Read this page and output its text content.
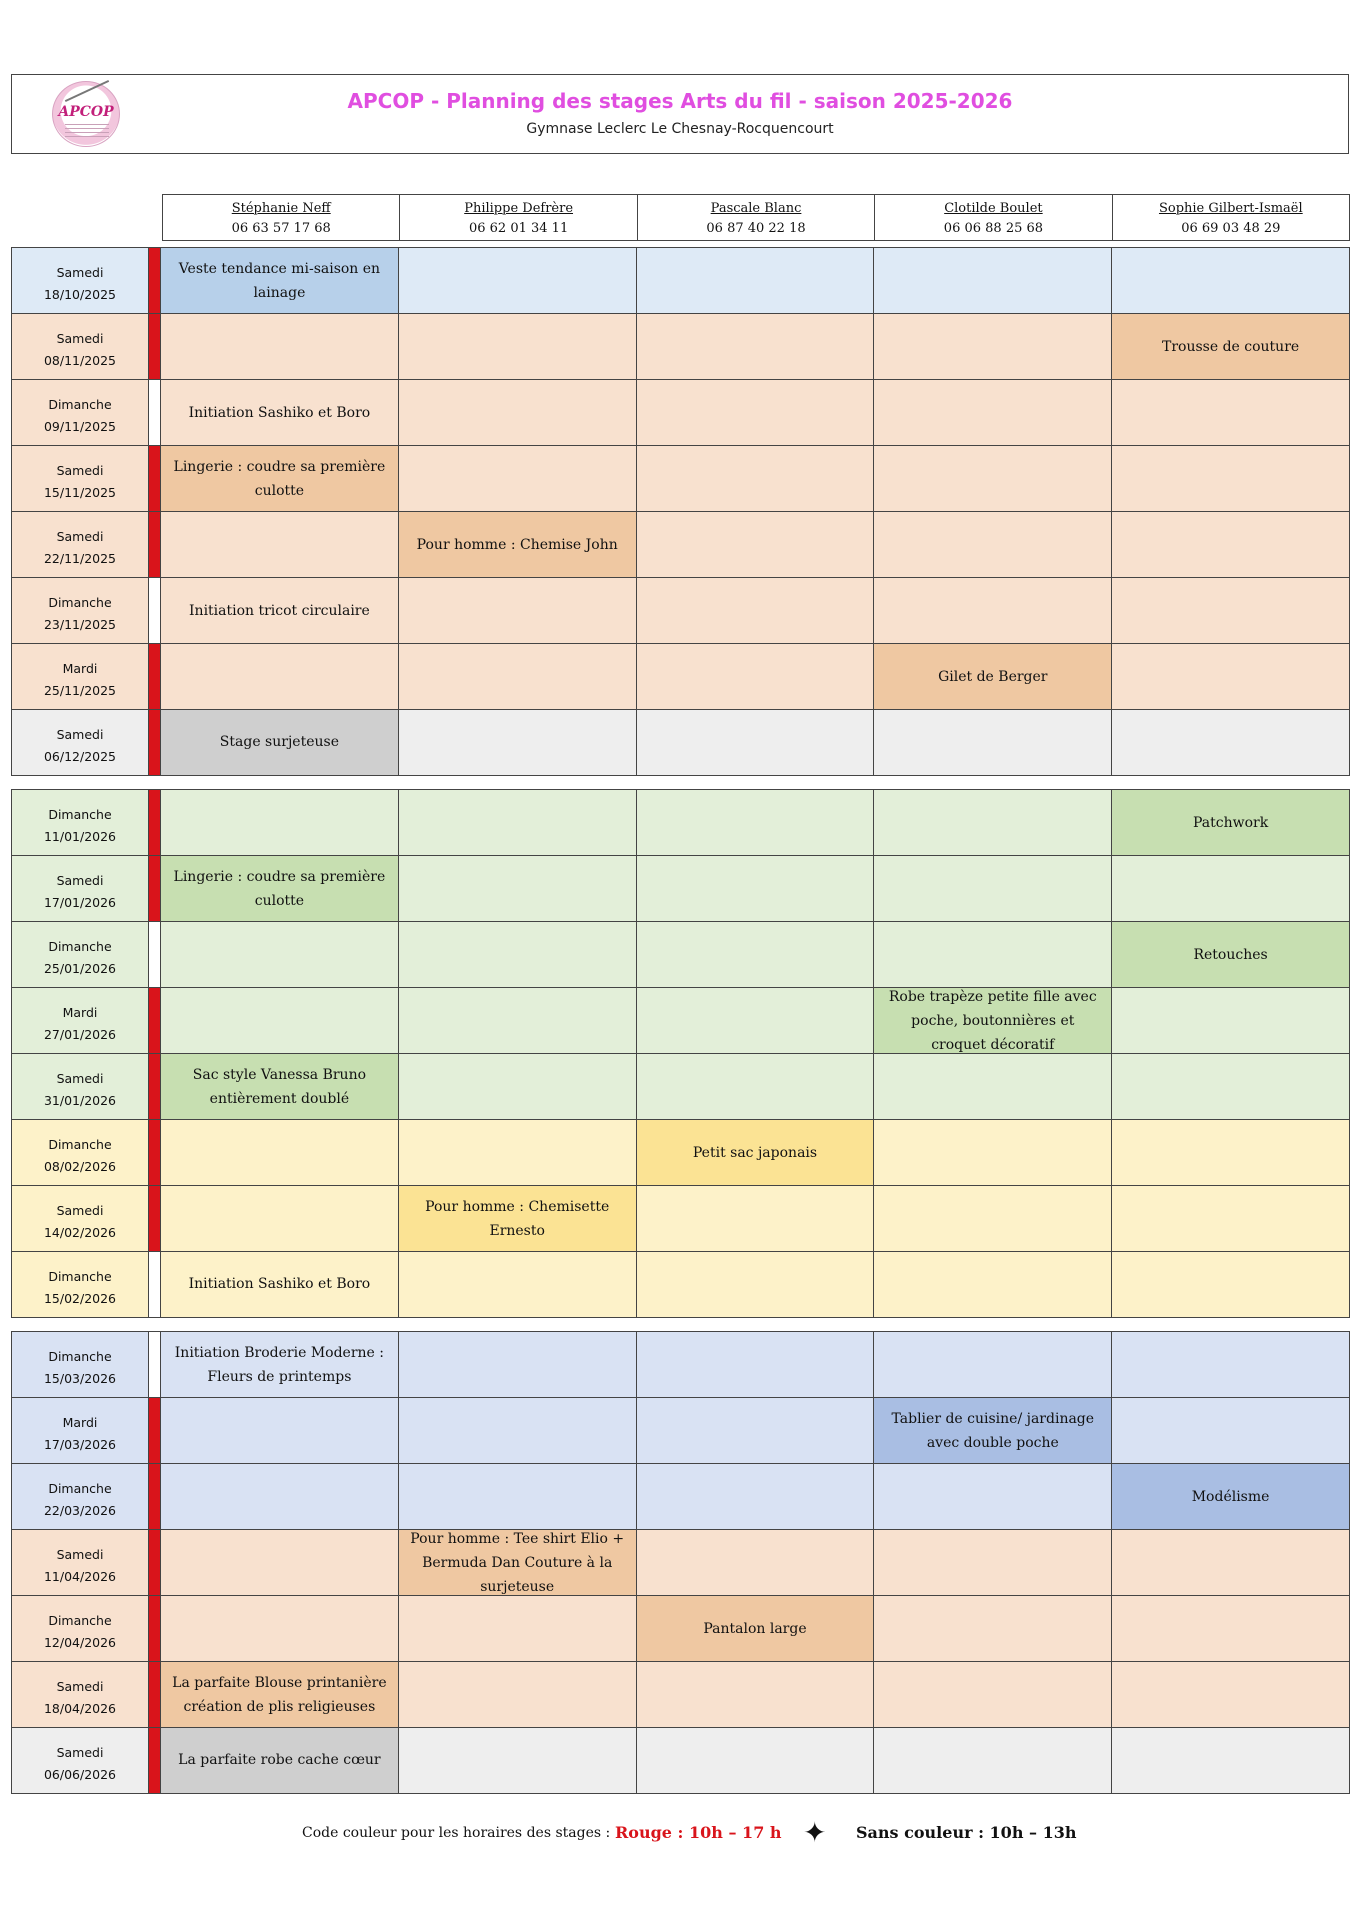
APCOP	APCOP - Planning des stages Arts du fil - saison 2025-2026
Gymnase Leclerc Le Chesnay-Rocquencourt
Stéphanie Neff
06 63 57 17 68
Philippe Defrère
06 62 01 34 11
Pascale Blanc
06 87 40 22 18
Clotilde Boulet
06 06 88 25 68
Sophie Gilbert-Ismaël
06 69 03 48 29
Samedi
18/10/2025
Veste tendance mi-saison en lainage
Samedi
08/11/2025
Trousse de couture
Dimanche
09/11/2025
Initiation Sashiko et Boro
Samedi
15/11/2025
Lingerie : coudre sa première culotte
Samedi
22/11/2025
Pour homme : Chemise John
Dimanche
23/11/2025
Initiation tricot circulaire
Mardi
25/11/2025
Gilet de Berger
Samedi
06/12/2025
Stage surjeteuse
Dimanche
11/01/2026
Patchwork
Samedi
17/01/2026
Lingerie : coudre sa première culotte
Dimanche
25/01/2026
Retouches
Mardi
27/01/2026
Robe trapèze petite fille avec poche, boutonnières et croquet décoratif
Samedi
31/01/2026
Sac style Vanessa Bruno entièrement doublé
Dimanche
08/02/2026
Petit sac japonais
Samedi
14/02/2026
Pour homme : Chemisette Ernesto
Dimanche
15/02/2026
Initiation Sashiko et Boro
Dimanche
15/03/2026
Initiation Broderie Moderne : Fleurs de printemps
Mardi
17/03/2026
Tablier de cuisine/ jardinage avec double poche
Dimanche
22/03/2026
Modélisme
Samedi
11/04/2026
Pour homme : Tee shirt Elio + Bermuda Dan Couture à la surjeteuse
Dimanche
12/04/2026
Pantalon large
Samedi
18/04/2026
La parfaite Blouse printanière création de plis religieuses
Samedi
06/06/2026
La parfaite robe cache cœur
Code couleur pour les horaires des stages : Rouge : 10h – 17 h ✦ Sans couleur : 10h – 13h
